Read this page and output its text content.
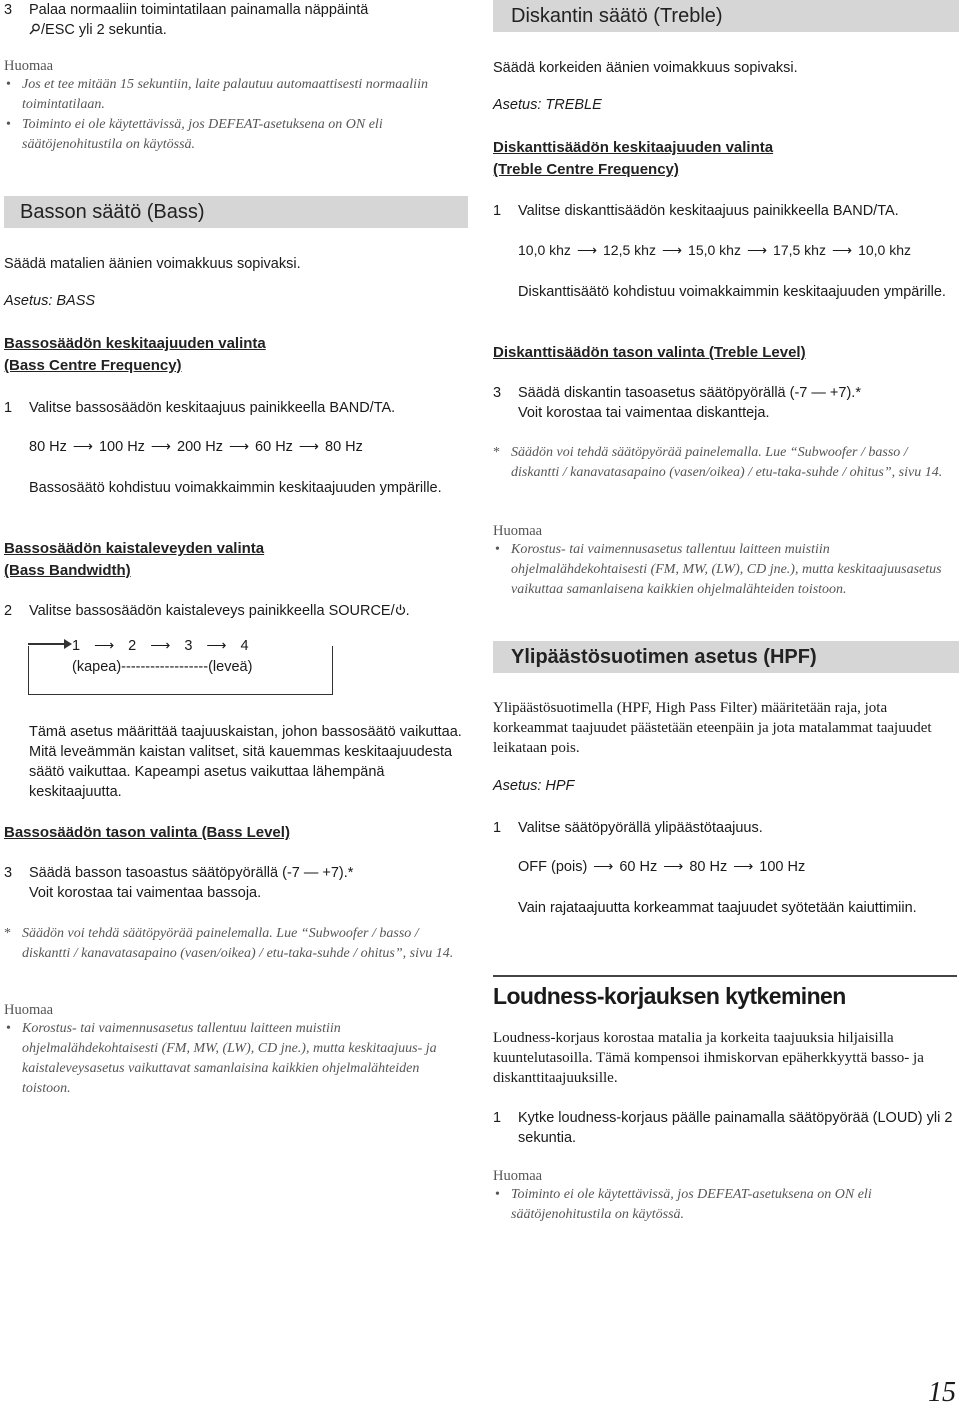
3 Palaa normaaliin toimintatilaan painamalla näppäintä
/ESC yli 2 sekuntia.
Huomaa
• Jos et tee mitään 15 sekuntiin, laite palautuu automaattisesti normaaliin toimintatilaan.
• Toiminto ei ole käytettävissä, jos DEFEAT-asetuksena on ON eli säätöjenohitustila on käytössä.
Basson säätö (Bass)
Säädä matalien äänien voimakkuus sopivaksi.
Asetus: BASS
Bassosäädön keskitaajuuden valinta
(Bass Centre Frequency)
1 Valitse bassosäädön keskitaajuus painikkeella BAND/TA.
80 Hz ⟶ 100 Hz ⟶ 200 Hz ⟶ 60 Hz ⟶ 80 Hz
Bassosäätö kohdistuu voimakkaimmin keskitaajuuden ympärille.
Bassosäädön kaistaleveyden valinta
(Bass Bandwidth)
2 Valitse bassosäädön kaistaleveys painikkeella SOURCE/ .
1 ⟶ 2 ⟶ 3 ⟶ 4
(kapea)------------------(leveä)
Tämä asetus määrittää taajuuskaistan, johon bassosäätö vaikuttaa. Mitä leveämmän kaistan valitset, sitä kauemmas keskitaajuudesta säätö vaikuttaa. Kapeampi asetus vaikuttaa lähempänä keskitaajuutta.
Bassosäädön tason valinta (Bass Level)
3 Säädä basson tasoastus säätöpyörällä (-7 — +7).*
Voit korostaa tai vaimentaa bassoja.
* Säädön voi tehdä säätöpyörää painelemalla. Lue “Subwoofer / basso / diskantti / kanavatasapaino (vasen/oikea) / etu-taka-suhde / ohitus”, sivu 14.
Huomaa
• Korostus- tai vaimennusasetus tallentuu laitteen muistiin ohjelmalähdekohtaisesti (FM, MW, (LW), CD jne.), mutta keskitaajuus- ja kaistaleveysasetus vaikuttavat samanlaisina kaikkien ohjelmalähteiden toistoon.
Diskantin säätö (Treble)
Säädä korkeiden äänien voimakkuus sopivaksi.
Asetus: TREBLE
Diskanttisäädön keskitaajuuden valinta
(Treble Centre Frequency)
1 Valitse diskanttisäädön keskitaajuus painikkeella BAND/TA.
10,0 khz ⟶ 12,5 khz ⟶ 15,0 khz ⟶ 17,5 khz ⟶ 10,0 khz
Diskanttisäätö kohdistuu voimakkaimmin keskitaajuuden ympärille.
Diskanttisäädön tason valinta (Treble Level)
3 Säädä diskantin tasoasetus säätöpyörällä (-7 — +7).*
Voit korostaa tai vaimentaa diskantteja.
* Säädön voi tehdä säätöpyörää painelemalla. Lue “Subwoofer / basso / diskantti / kanavatasapaino (vasen/oikea) / etu-taka-suhde / ohitus”, sivu 14.
Huomaa
• Korostus- tai vaimennusasetus tallentuu laitteen muistiin ohjelmalähdekohtaisesti (FM, MW, (LW), CD jne.), mutta keskitaajuusasetus vaikuttaa samanlaisena kaikkien ohjelmalähteiden toistoon.
Ylipäästösuotimen asetus (HPF)
Ylipäästösuotimella (HPF, High Pass Filter) määritetään raja, jota korkeammat taajuudet päästetään eteenpäin ja jota matalammat taajuudet leikataan pois.
Asetus: HPF
1 Valitse säätöpyörällä ylipäästötaajuus.
OFF (pois) ⟶ 60 Hz ⟶ 80 Hz ⟶ 100 Hz
Vain rajataajuutta korkeammat taajuudet syötetään kaiuttimiin.
Loudness-korjauksen kytkeminen
Loudness-korjaus korostaa matalia ja korkeita taajuuksia hiljaisilla kuuntelutasoilla. Tämä kompensoi ihmiskorvan epäherkkyyttä basso- ja diskanttitaajuuksille.
1 Kytke loudness-korjaus päälle painamalla säätöpyörää (LOUD) yli 2 sekuntia.
Huomaa
• Toiminto ei ole käytettävissä, jos DEFEAT-asetuksena on ON eli säätöjenohitustila on käytössä.
15
